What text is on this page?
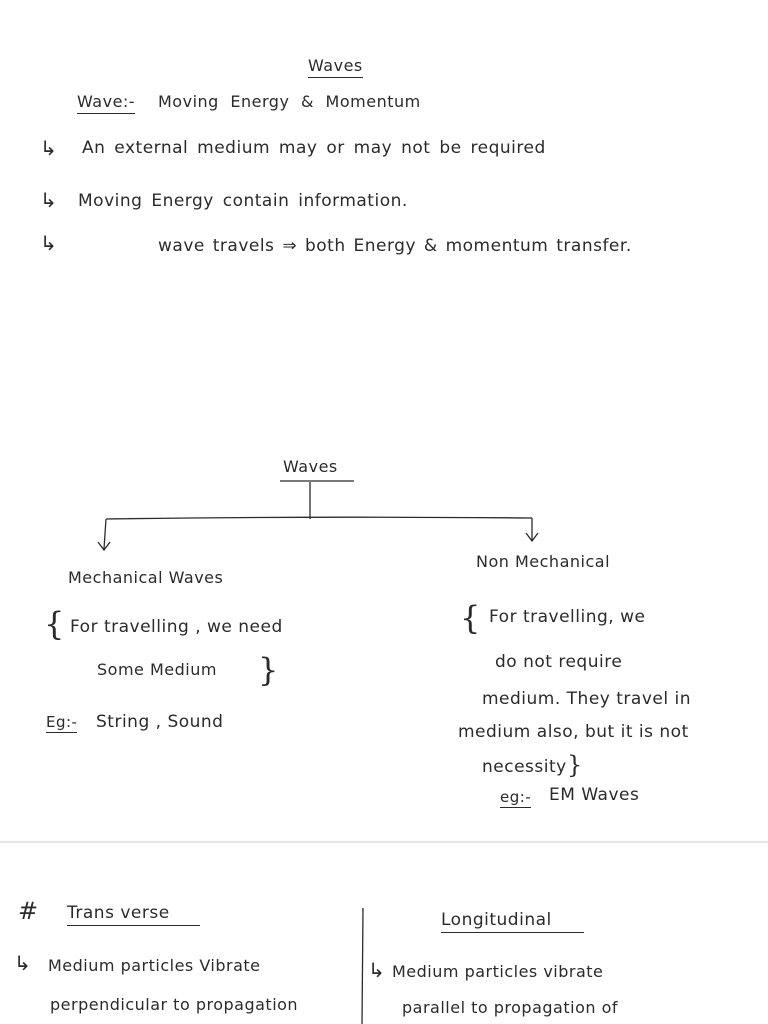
Waves
Wave:- Moving Energy & Momentum
↳ An external medium may or may not be required
↳ Moving Energy contain information.
↳	wave travels ⇒ both Energy & momentum transfer.
Waves
Mechanical Waves
{ For travelling , we need
Some Medium }
Eg:- String , Sound
Non Mechanical
{ For travelling, we
do not require
medium. They travel in
medium also, but it is not
necessity }
eg:- EM Waves
# Trans verse
↳ Medium particles Vibrate
perpendicular to propagation
Longitudinal
↳ Medium particles vibrate
parallel to propagation of
